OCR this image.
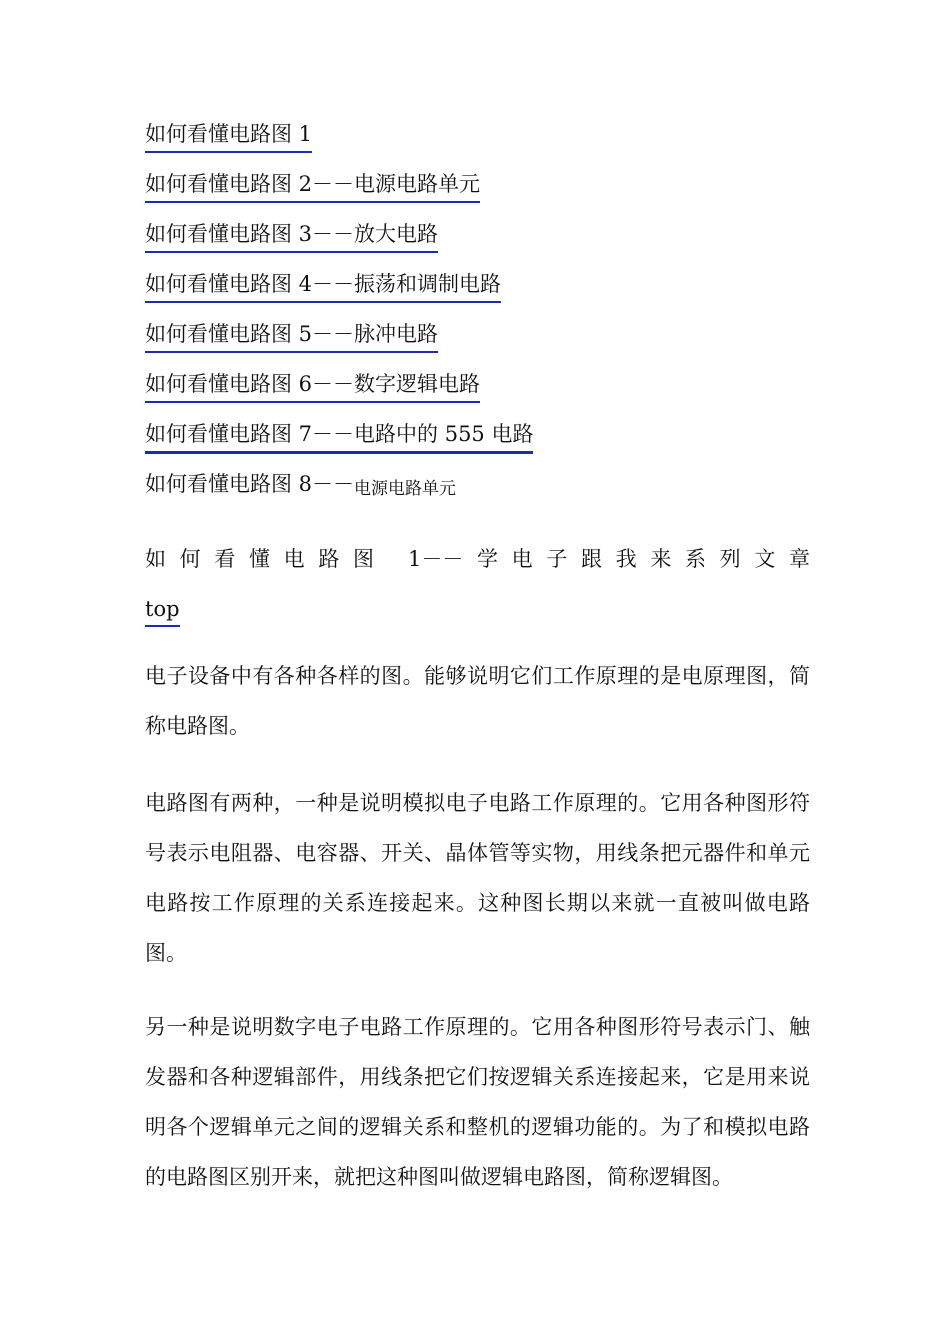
如何看懂电路图 1
如何看懂电路图 2－－电源电路单元
如何看懂电路图 3－－放大电路
如何看懂电路图 4－－振荡和调制电路
如何看懂电路图 5－－脉冲电路
如何看懂电路图 6－－数字逻辑电路
如何看懂电路图 7－－电路中的 555 电路
如何看懂电路图 8－－电源电路单元
如何看懂电路图 1－－学电子跟我来系列文章
top

电子设备中有各种各样的图。能够说明它们工作原理的是电原理图，简称电路图。

电路图有两种，一种是说明模拟电子电路工作原理的。它用各种图形符号表示电阻器、电容器、开关、晶体管等实物，用线条把元器件和单元电路按工作原理的关系连接起来。这种图长期以来就一直被叫做电路图。

另一种是说明数字电子电路工作原理的。它用各种图形符号表示门、触发器和各种逻辑部件，用线条把它们按逻辑关系连接起来，它是用来说明各个逻辑单元之间的逻辑关系和整机的逻辑功能的。为了和模拟电路的电路图区别开来，就把这种图叫做逻辑电路图，简称逻辑图。
